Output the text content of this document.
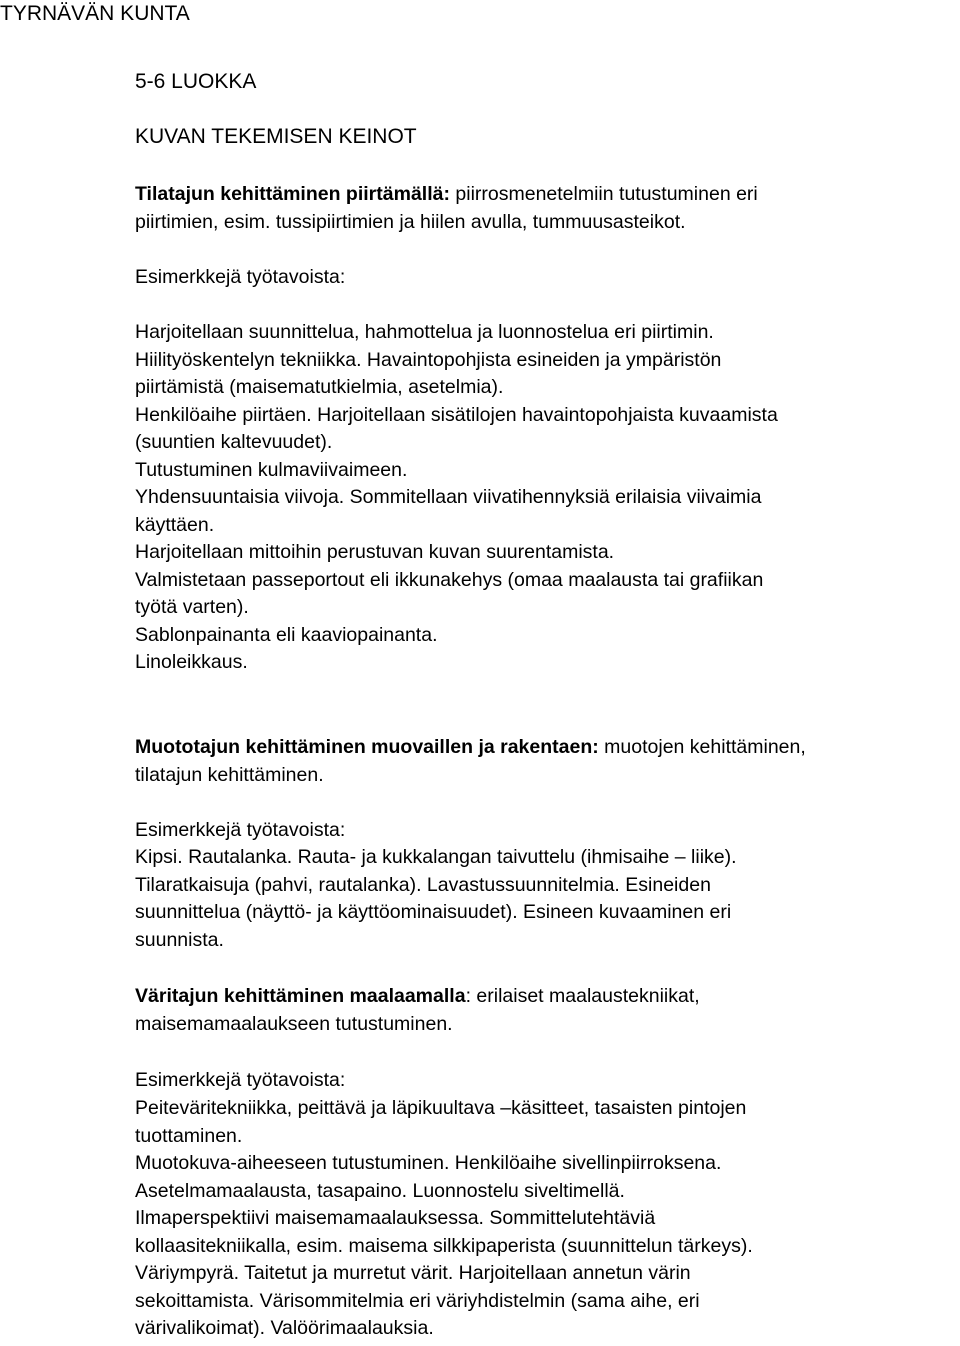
TYRNÄVÄN KUNTA
5-6 LUOKKA
KUVAN TEKEMISEN KEINOT
Tilatajun kehittäminen piirtämällä: piirrosmenetelmiin tutustuminen eri
piirtimien, esim. tussipiirtimien ja hiilen avulla, tummuusasteikot.
Esimerkkejä työtavoista:
Harjoitellaan suunnittelua, hahmottelua ja luonnostelua eri piirtimin.
Hiilityöskentelyn tekniikka. Havaintopohjista esineiden ja ympäristön
piirtämistä (maisematutkielmia, asetelmia).
Henkilöaihe piirtäen. Harjoitellaan sisätilojen havaintopohjaista kuvaamista
(suuntien kaltevuudet).
Tutustuminen kulmaviivaimeen.
Yhdensuuntaisia viivoja. Sommitellaan viivatihennyksiä erilaisia viivaimia
käyttäen.
Harjoitellaan mittoihin perustuvan kuvan suurentamista.
Valmistetaan passeportout eli ikkunakehys (omaa maalausta tai grafiikan
työtä varten).
Sablonpainanta eli kaaviopainanta.
Linoleikkaus.
Muototajun kehittäminen muovaillen ja rakentaen: muotojen kehittäminen,
tilatajun kehittäminen.
Esimerkkejä työtavoista:
Kipsi. Rautalanka. Rauta- ja kukkalangan taivuttelu (ihmisaihe – liike).
Tilaratkaisuja (pahvi, rautalanka). Lavastussuunnitelmia. Esineiden
suunnittelua (näyttö- ja käyttöominaisuudet). Esineen kuvaaminen eri
suunnista.
Väritajun kehittäminen maalaamalla: erilaiset maalaustekniikat,
maisemamaalaukseen tutustuminen.
Esimerkkejä työtavoista:
Peiteväritekniikka, peittävä ja läpikuultava –käsitteet, tasaisten pintojen
tuottaminen.
Muotokuva-aiheeseen tutustuminen. Henkilöaihe sivellinpiirroksena.
Asetelmamaalausta, tasapaino. Luonnostelu siveltimellä.
Ilmaperspektiivi maisemamaalauksessa. Sommittelutehtäviä
kollaasitekniikalla, esim. maisema silkkipaperista (suunnittelun tärkeys).
Väriympyrä. Taitetut ja murretut värit. Harjoitellaan annetun värin
sekoittamista. Värisommitelmia eri väriyhdistelmin (sama aihe, eri
värivalikoimat). Valöörimaalauksia.
